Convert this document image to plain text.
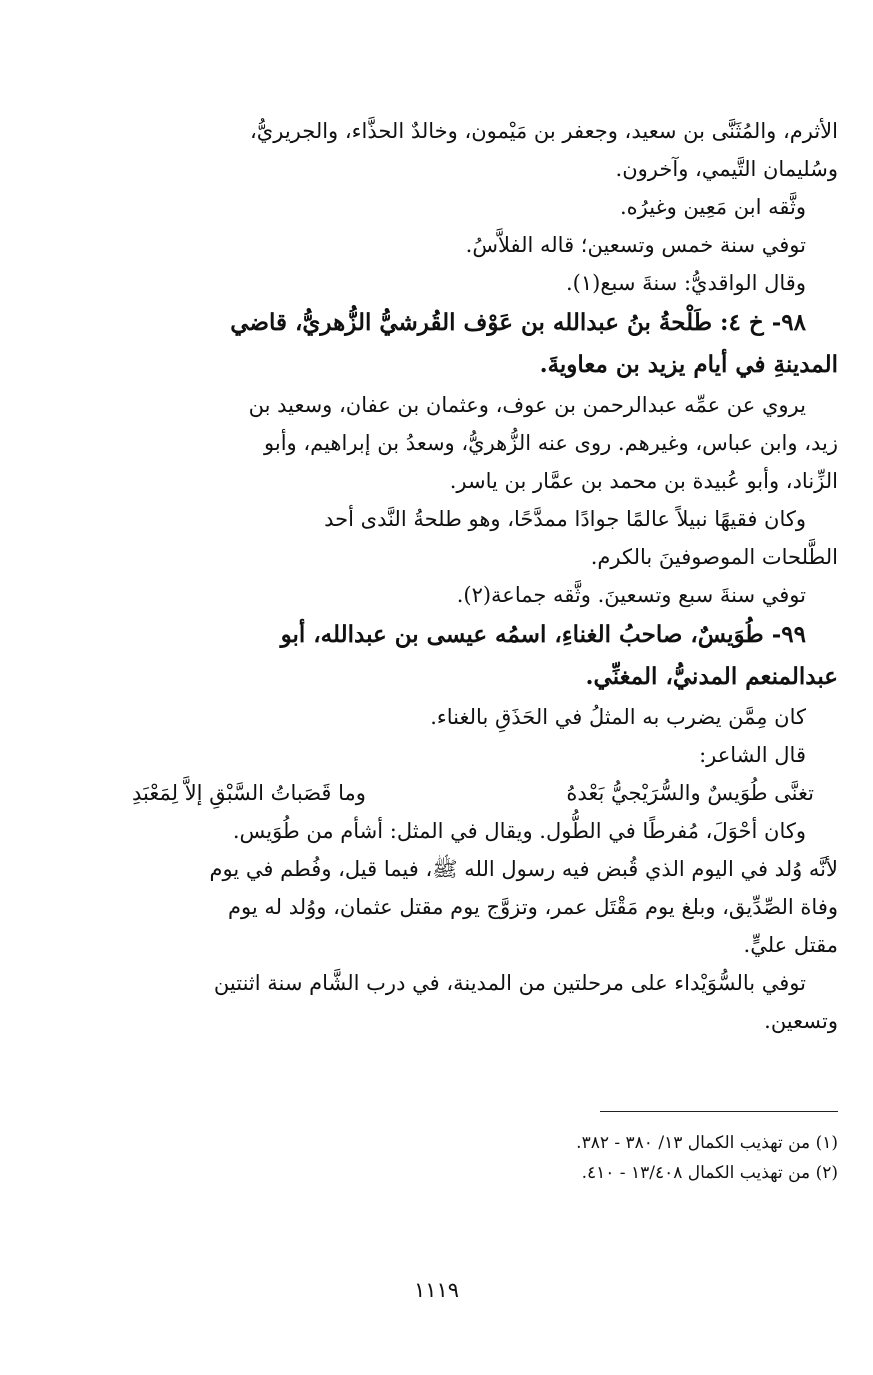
الأثرم، والمُثَنَّى بن سعيد، وجعفر بن مَيْمون، وخالدٌ الحذَّاء، والجريريُّ،
وسُليمان التَّيمي، وآخرون.
وثَّقه ابن مَعِين وغيرُه.
توفي سنة خمس وتسعين؛ قاله الفلاَّسُ.
وقال الواقديُّ: سنةَ سبع(١).
٩٨- خ ٤: طَلْحةُ بنُ عبدالله بن عَوْف القُرشيُّ الزُّهريُّ، قاضي
المدينةِ في أيام يزيد بن معاويةَ.
يروي عن عمِّه عبدالرحمن بن عوف، وعثمان بن عفان، وسعيد بن
زيد، وابن عباس، وغيرهم. روى عنه الزُّهريُّ، وسعدُ بن إبراهيم، وأبو
الزِّناد، وأبو عُبيدة بن محمد بن عمَّار بن ياسر.
وكان فقيهًا نبيلاً عالمًا جوادًا ممدَّحًا، وهو طلحةُ النَّدى أحد
الطَّلحات الموصوفينَ بالكرم.
توفي سنةَ سبع وتسعينَ. وثَّقه جماعة(٢).
٩٩- طُوَيسٌ، صاحبُ الغناءِ، اسمُه عيسى بن عبدالله، أبو
عبدالمنعم المدنيُّ، المغنِّي.
كان مِمَّن يضرب به المثلُ في الحَذَقِ بالغناء.
قال الشاعر:
تغنَّى طُوَيسٌ والسُّرَيْجيُّ بَعْدهُ
وما قَصَباتُ السَّبْقِ إلاَّ لِمَعْبَدِ
وكان أحْوَلَ، مُفرطًا في الطُّول. ويقال في المثل: أشأم من طُوَيس.
لأنَّه وُلد في اليوم الذي قُبض فيه رسول الله ﷺ، فيما قيل، وفُطم في يوم
وفاة الصِّدِّيق، وبلغ يوم مَقْتَل عمر، وتزوَّج يوم مقتل عثمان، ووُلد له يوم
مقتل عليٍّ.
توفي بالسُّوَيْداء على مرحلتين من المدينة، في درب الشَّام سنة اثنتين
وتسعين.
(١) من تهذيب الكمال ١٣/ ٣٨٠ - ٣٨٢.
(٢) من تهذيب الكمال ١٣/٤٠٨ - ٤١٠.
١١١٩
